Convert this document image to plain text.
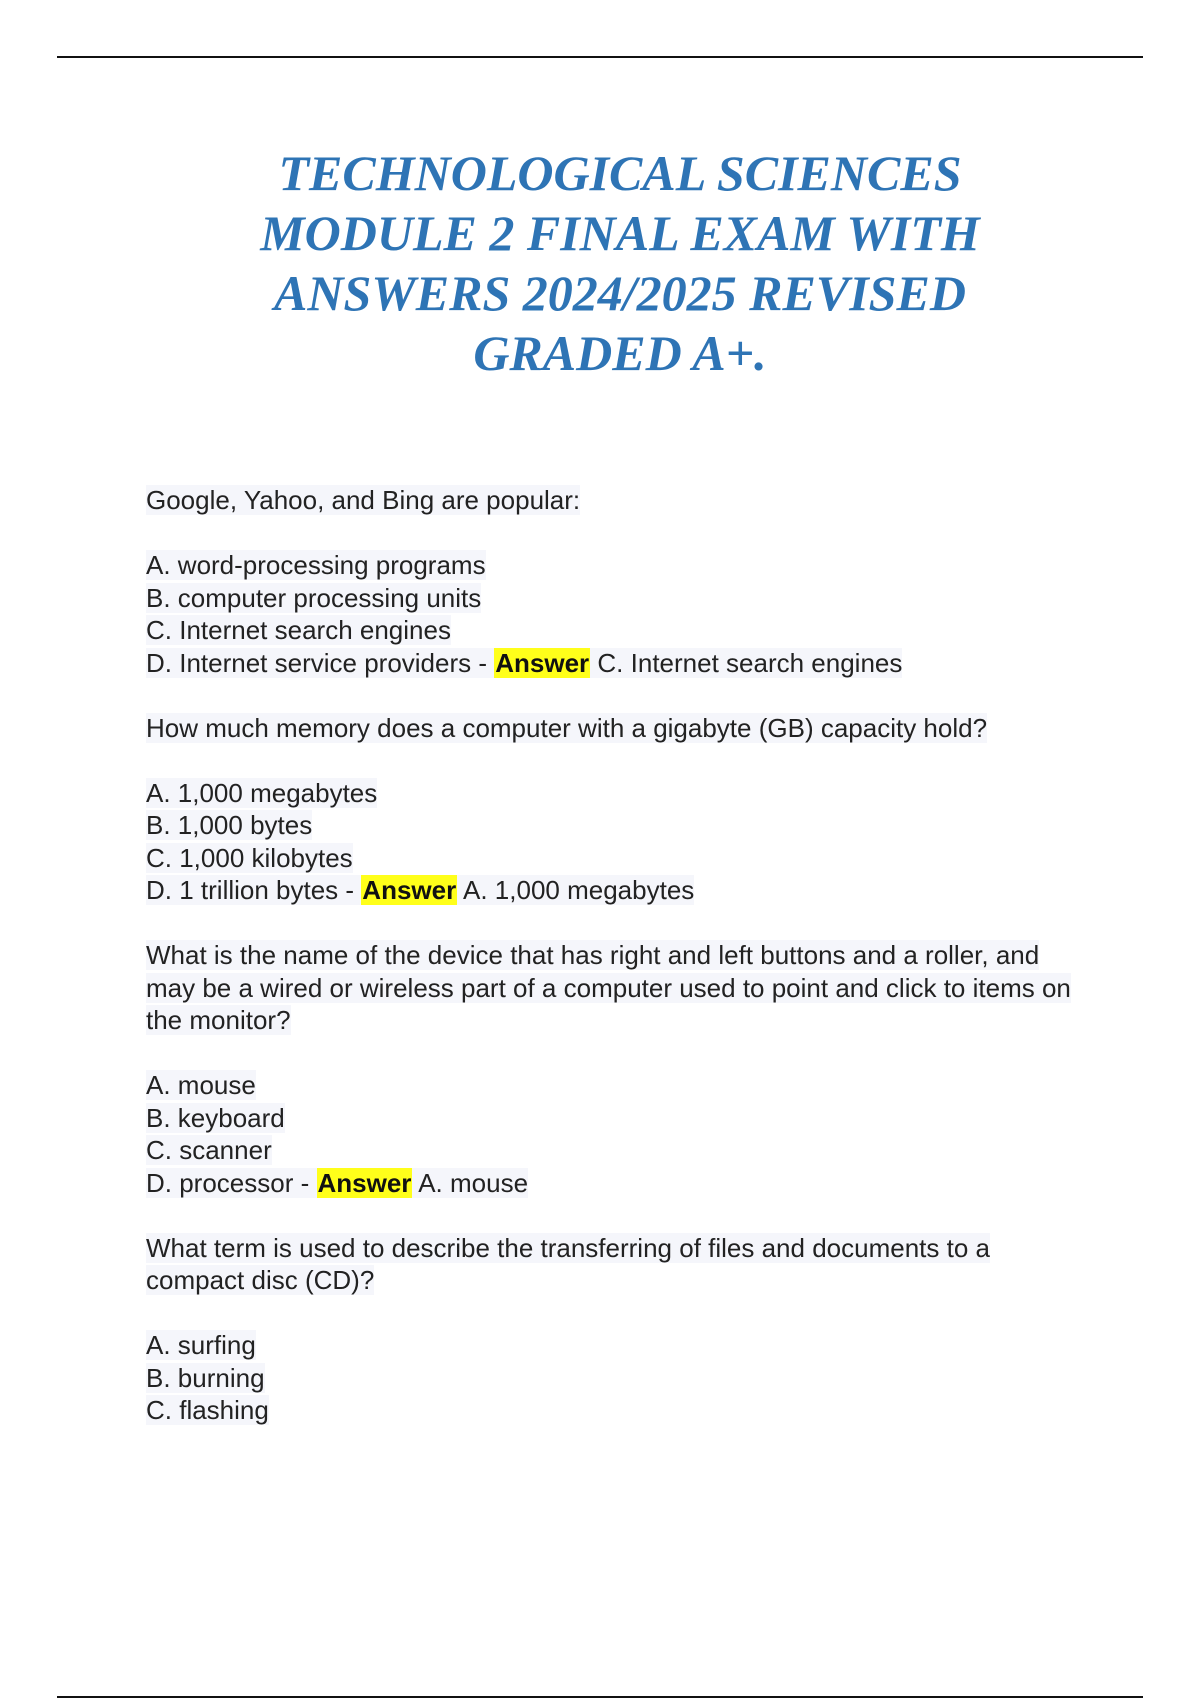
TECHNOLOGICAL SCIENCES MODULE 2 FINAL EXAM WITH ANSWERS 2024/2025 REVISED GRADED A+.
Google, Yahoo, and Bing are popular:
A. word-processing programs
B. computer processing units
C. Internet search engines
D. Internet service providers - Answer C. Internet search engines
How much memory does a computer with a gigabyte (GB) capacity hold?
A. 1,000 megabytes
B. 1,000 bytes
C. 1,000 kilobytes
D. 1 trillion bytes - Answer A. 1,000 megabytes
What is the name of the device that has right and left buttons and a roller, and may be a wired or wireless part of a computer used to point and click to items on the monitor?
A. mouse
B. keyboard
C. scanner
D. processor - Answer A. mouse
What term is used to describe the transferring of files and documents to a compact disc (CD)?
A. surfing
B. burning
C. flashing
